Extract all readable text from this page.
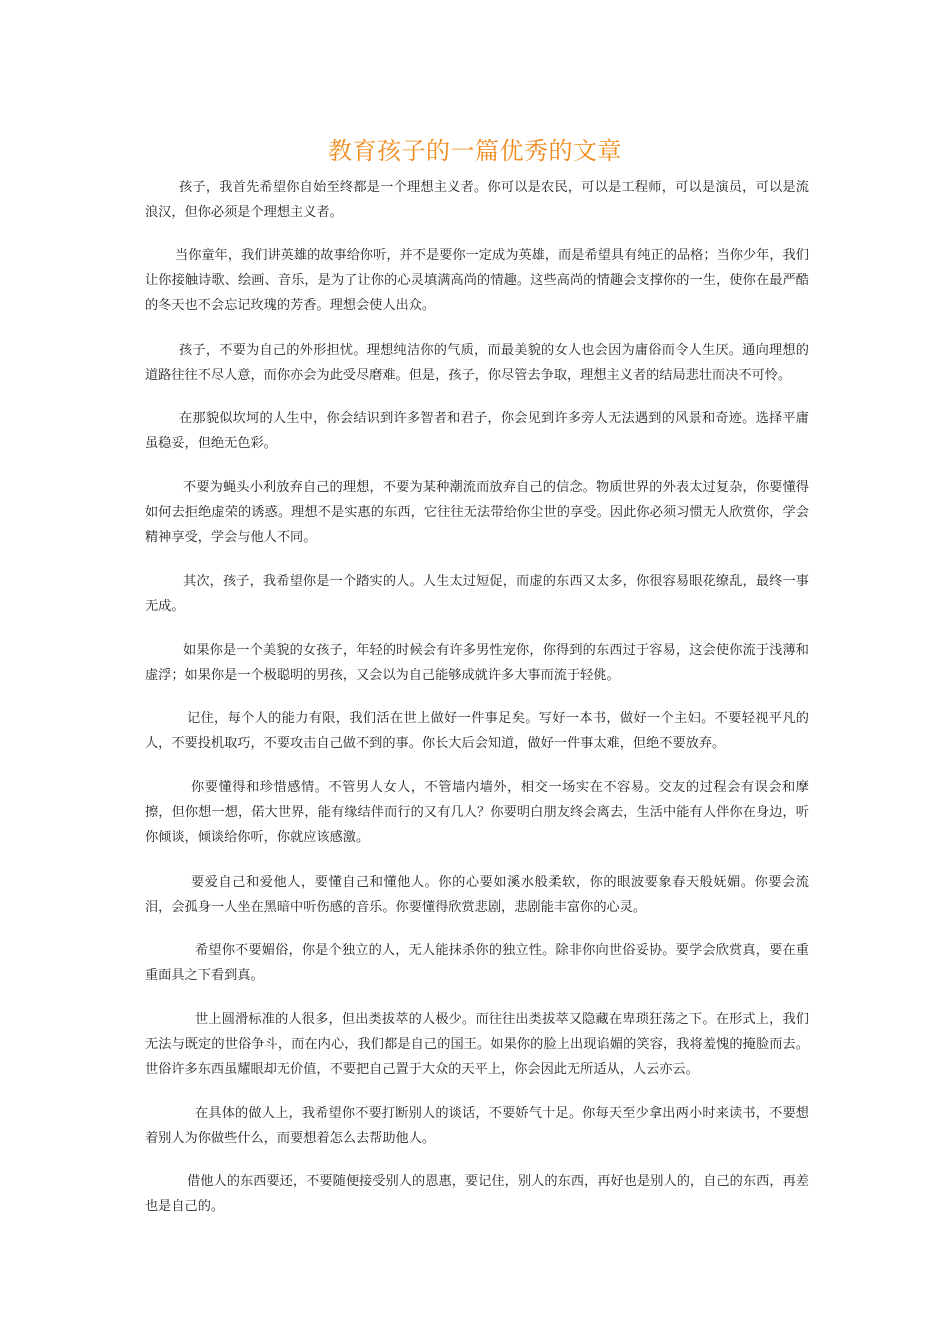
教育孩子的一篇优秀的文章

孩子，我首先希望你自始至终都是一个理想主义者。你可以是农民，可以是工程师，可以是演员，可以是流浪汉，但你必须是个理想主义者。

当你童年，我们讲英雄的故事给你听，并不是要你一定成为英雄，而是希望具有纯正的品格；当你少年，我们让你接触诗歌、绘画、音乐，是为了让你的心灵填满高尚的情趣。这些高尚的情趣会支撑你的一生，使你在最严酷的冬天也不会忘记玫瑰的芳香。理想会使人出众。

孩子，不要为自己的外形担忧。理想纯洁你的气质，而最美貌的女人也会因为庸俗而令人生厌。通向理想的道路往往不尽人意，而你亦会为此受尽磨难。但是，孩子，你尽管去争取，理想主义者的结局悲壮而决不可怜。

在那貌似坎坷的人生中，你会结识到许多智者和君子，你会见到许多旁人无法遇到的风景和奇迹。选择平庸虽稳妥，但绝无色彩。

不要为蝇头小利放弃自己的理想，不要为某种潮流而放弃自己的信念。物质世界的外表太过复杂，你要懂得如何去拒绝虚荣的诱惑。理想不是实惠的东西，它往往无法带给你尘世的享受。因此你必须习惯无人欣赏你，学会精神享受，学会与他人不同。

其次，孩子，我希望你是一个踏实的人。人生太过短促，而虚的东西又太多，你很容易眼花缭乱，最终一事无成。

如果你是一个美貌的女孩子，年轻的时候会有许多男性宠你，你得到的东西过于容易，这会使你流于浅薄和虚浮；如果你是一个极聪明的男孩，又会以为自己能够成就许多大事而流于轻佻。

记住，每个人的能力有限，我们活在世上做好一件事足矣。写好一本书，做好一个主妇。不要轻视平凡的人，不要投机取巧，不要攻击自己做不到的事。你长大后会知道，做好一件事太难，但绝不要放弃。

你要懂得和珍惜感情。不管男人女人，不管墙内墙外，相交一场实在不容易。交友的过程会有误会和摩擦，但你想一想，偌大世界，能有缘结伴而行的又有几人？你要明白朋友终会离去，生活中能有人伴你在身边，听你倾谈，倾谈给你听，你就应该感激。

要爱自己和爱他人，要懂自己和懂他人。你的心要如溪水般柔软，你的眼波要象春天般妩媚。你要会流泪，会孤身一人坐在黑暗中听伤感的音乐。你要懂得欣赏悲剧，悲剧能丰富你的心灵。

希望你不要媚俗，你是个独立的人，无人能抹杀你的独立性。除非你向世俗妥协。要学会欣赏真，要在重重面具之下看到真。

世上圆滑标准的人很多，但出类拔萃的人极少。而往往出类拔萃又隐藏在卑琐狂荡之下。在形式上，我们无法与既定的世俗争斗，而在内心，我们都是自己的国王。如果你的脸上出现谄媚的笑容，我将羞愧的掩脸而去。世俗许多东西虽耀眼却无价值，不要把自己置于大众的天平上，你会因此无所适从，人云亦云。

在具体的做人上，我希望你不要打断别人的谈话，不要娇气十足。你每天至少拿出两小时来读书，不要想着别人为你做些什么，而要想着怎么去帮助他人。

借他人的东西要还，不要随便接受别人的恩惠，要记住，别人的东西，再好也是别人的，自己的东西，再差也是自己的。
